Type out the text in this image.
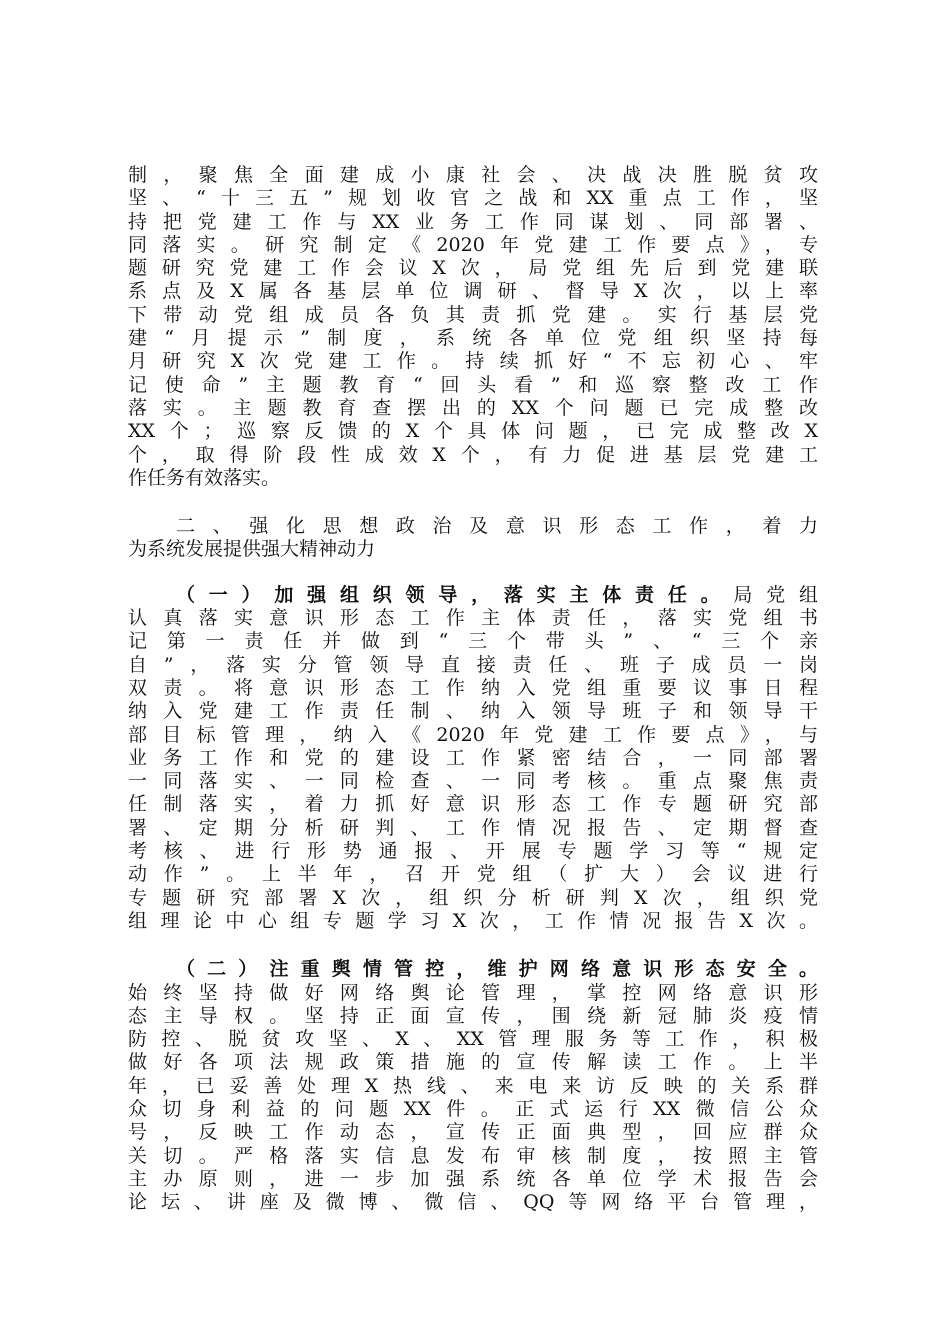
制，聚焦全面建成小康社会、决战决胜脱贫攻
坚、“十三五”规划收官之战和XX重点工作，坚
持把党建工作与XX业务工作同谋划、同部署、
同落实。研究制定《2020年党建工作要点》，专
题研究党建工作会议X次，局党组先后到党建联
系点及X属各基层单位调研、督导X次，以上率
下带动党组成员各负其责抓党建。实行基层党
建“月提示”制度，系统各单位党组织坚持每
月研究X次党建工作。持续抓好“不忘初心、牢
记使命”主题教育“回头看”和巡察整改工作
落实。主题教育查摆出的XX个问题已完成整改
XX个；巡察反馈的X个具体问题，已完成整改X
个，取得阶段性成效X个，有力促进基层党建工
作任务有效落实。
二、强化思想政治及意识形态工作，着力
为系统发展提供强大精神动力
（一）加强组织领导，落实主体责任。局党组
认真落实意识形态工作主体责任，落实党组书
记第一责任并做到“三个带头”、“三个亲
自”，落实分管领导直接责任、班子成员一岗
双责。将意识形态工作纳入党组重要议事日程
纳入党建工作责任制、纳入领导班子和领导干
部目标管理，纳入《2020年党建工作要点》，与
业务工作和党的建设工作紧密结合，一同部署
一同落实、一同检查、一同考核。重点聚焦责
任制落实，着力抓好意识形态工作专题研究部
署、定期分析研判、工作情况报告、定期督查
考核、进行形势通报、开展专题学习等“规定
动作”。上半年，召开党组（扩大）会议进行
专题研究部署X次，组织分析研判X次，组织党
组理论中心组专题学习X次，工作情况报告X次。
（二）注重舆情管控，维护网络意识形态安全。
始终坚持做好网络舆论管理，掌控网络意识形
态主导权。坚持正面宣传，围绕新冠肺炎疫情
防控、脱贫攻坚、X、XX管理服务等工作，积极
做好各项法规政策措施的宣传解读工作。上半
年，已妥善处理X热线、来电来访反映的关系群
众切身利益的问题XX件。正式运行XX微信公众
号，反映工作动态，宣传正面典型，回应群众
关切。严格落实信息发布审核制度，按照主管
主办原则，进一步加强系统各单位学术报告会
论坛、讲座及微博、微信、QQ等网络平台管理，
